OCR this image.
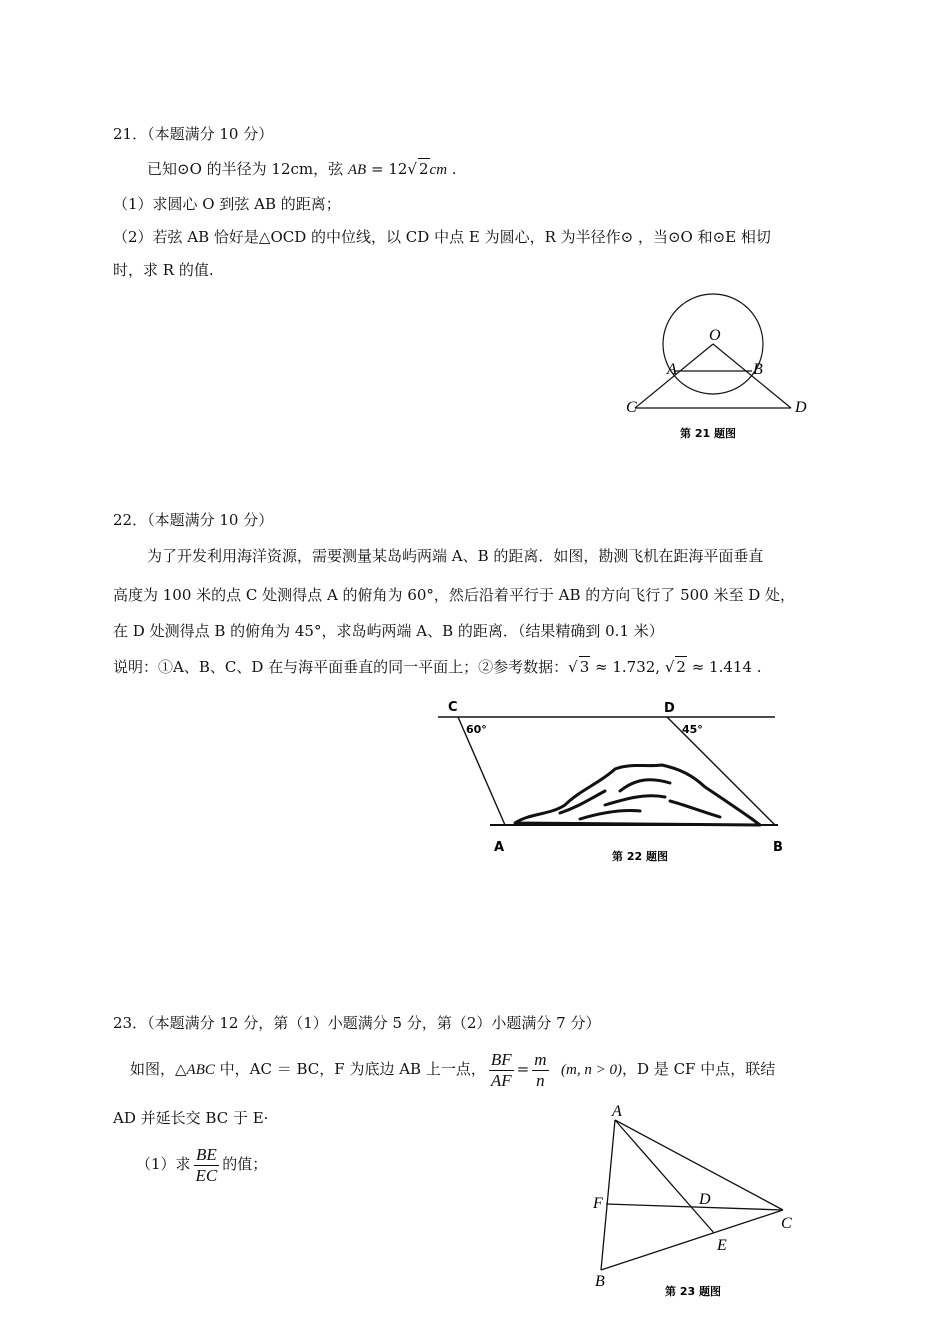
21．（本题满分 10 分）
已知⊙O 的半径为 12cm，弦 AB = 12√ 2cm .
（1）求圆心 O 到弦 AB 的距离；
（2）若弦 AB 恰好是△OCD 的中位线，以 CD 中点 E 为圆心，R 为半径作⊙ ，当⊙O 和⊙E 相切
时，求 R 的值.
O
A	B
C	D
第 21 题图
22．（本题满分 10 分）
为了开发利用海洋资源，需要测量某岛屿两端 A、B 的距离．如图，勘测飞机在距海平面垂直
高度为 100 米的点 C 处测得点 A 的俯角为 60°，然后沿着平行于 AB 的方向飞行了 500 米至 D 处，
在 D 处测得点 B 的俯角为 45°，求岛屿两端 A、B 的距离．（结果精确到 0.1 米）
说明：①A、B、C、D 在与海平面垂直的同一平面上；②参考数据：√ 3 ≈ 1.732, √ 2 ≈ 1.414 .
C	D
60°	45°
A	B
第 22 题图
23．（本题满分 12 分，第（1）小题满分 5 分，第（2）小题满分 7 分）
如图，△ABC 中，AC ＝ BC，F 为底边 AB 上一点， $\frac{BF}{AF} = \frac{m}{n} (m$, n > 0)，D 是 CF 中点，联结
AD 并延长交 BC 于 E·
（1）求 $\frac{BE}{EC}$ 的值；
A
F	D
C
E
B
第 23 题图
